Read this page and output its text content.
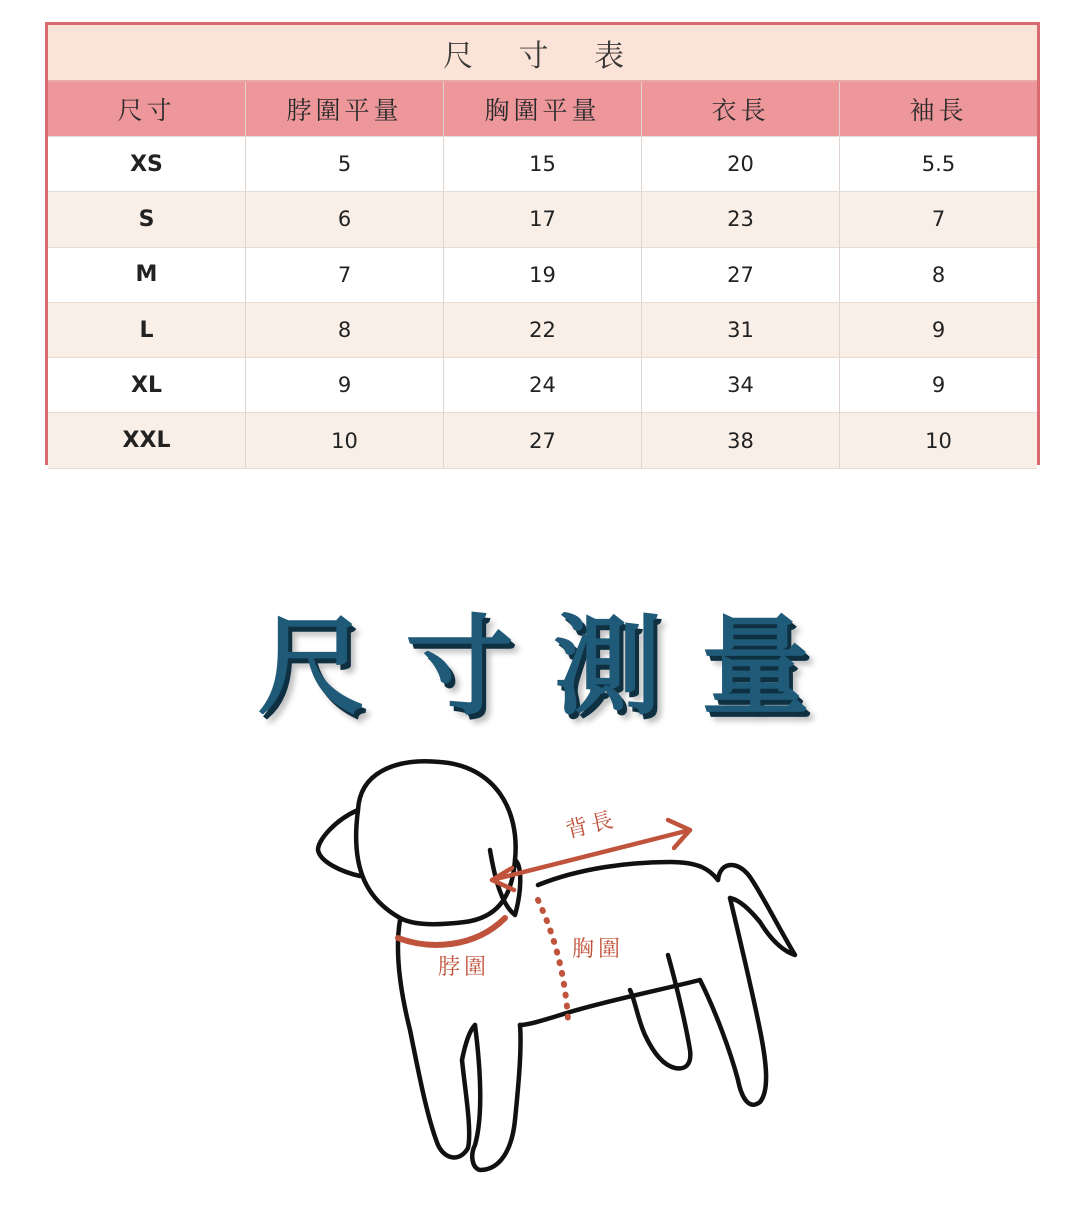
尺 寸 表
尺寸	脖圍平量	胸圍平量	衣長	袖長
XS	5	15	20	5.5
S	6	17	23	7
M	7	19	27	8
L	8	22	31	9
XL	9	24	34	9
XXL	10	27	38	10
尺寸測量
背長
胸圍
脖圍
